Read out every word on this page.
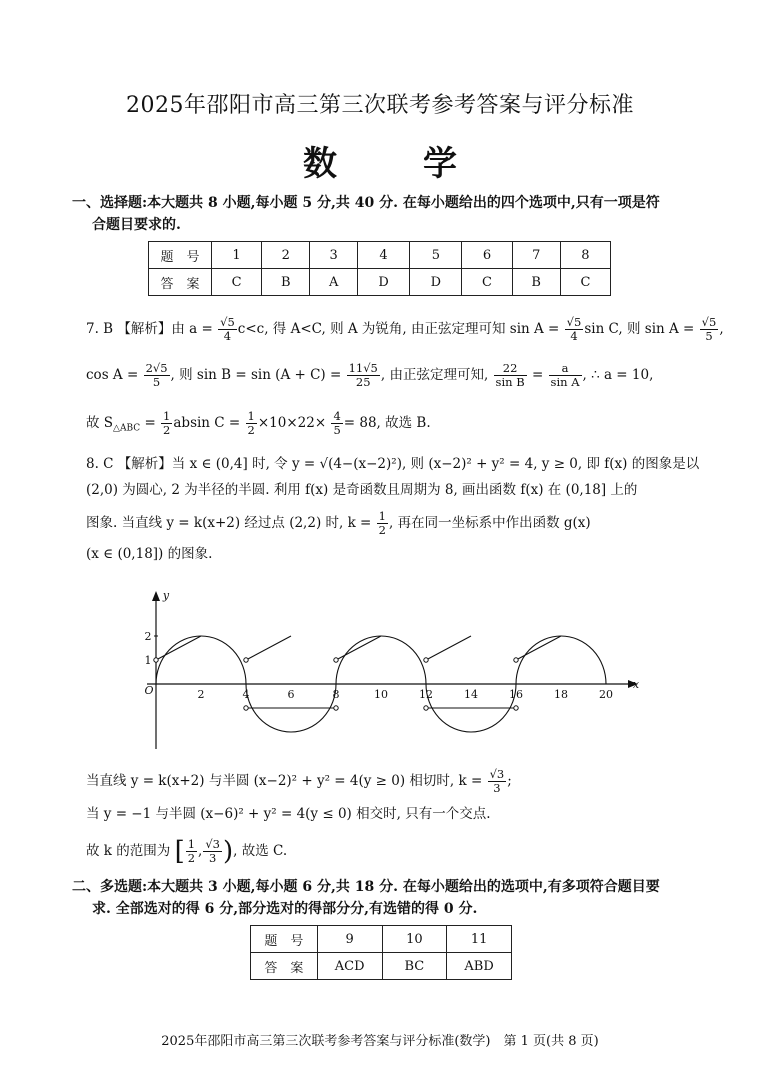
2025年邵阳市高三第三次联考参考答案与评分标准
数　学
一、选择题:本大题共 8 小题,每小题 5 分,共 40 分. 在每小题给出的四个选项中,只有一项是符
合题目要求的.
题　号	1	2	3	4	5	6	7	8
答　案	C	B	A	D	D	C	B	C
7. B 【解析】由 $a = \frac{√5}{4} c<c$, 得 A<C, 则 A 为锐角, 由正弦定理可知 $\sin A = \frac{√5}{4}$ sin C, 则 $\sin A = \frac{√5}{5}$ ,
$\cos A = \frac{2√5}{5}$ , 则 $\sin B = \sin (A + C) = \frac{11√5}{25}$ , 由正弦定理可知, $\frac{22}{\text{sin B}} = \frac{a}{\text{sin A}}$ , ∴ a = 10,
故 $S_{\triangle ABC} = \frac{1}{2}$ absin $C = \frac{1}{2} \times 10\times 22\times \frac{4}{5} = 88$, 故选 B.
8. C 【解析】当 x ∈ (0,4] 时, 令 y = √(4−(x−2)²), 则 (x−2)² + y² = 4, y ≥ 0, 即 f(x) 的图象是以
(2,0) 为圆心, 2 为半径的半圆. 利用 f(x) 是奇函数且周期为 8, 画出函数 f(x) 在 (0,18] 上的
图象. 当直线 y = k(x+2) 经过点 (2,2) 时, $k = \frac{1}{2}$ , 再在同一坐标系中作出函数 g(x)
(x ∈ (0,18]) 的图象.
x
y
O	2	4	6	8	10	12	14	16	18	20
1
2
当直线 y = k(x+2) 与半圆 (x−2)² + y² = 4(y ≥ 0) 相切时, $k = \frac{√3}{3}$ ;
当 y = −1 与半圆 (x−6)² + y² = 4(y ≤ 0) 相交时, 只有一个交点.
故 k 的范围为 [ $\frac{1}{2}$ , $\frac{√3}{3}$ ), 故选 C.
二、多选题:本大题共 3 小题,每小题 6 分,共 18 分. 在每小题给出的选项中,有多项符合题目要
求. 全部选对的得 6 分,部分选对的得部分分,有选错的得 0 分.
题　号	9	10	11
答　案	ACD	BC	ABD
2025年邵阳市高三第三次联考参考答案与评分标准(数学)　第 1 页(共 8 页)
